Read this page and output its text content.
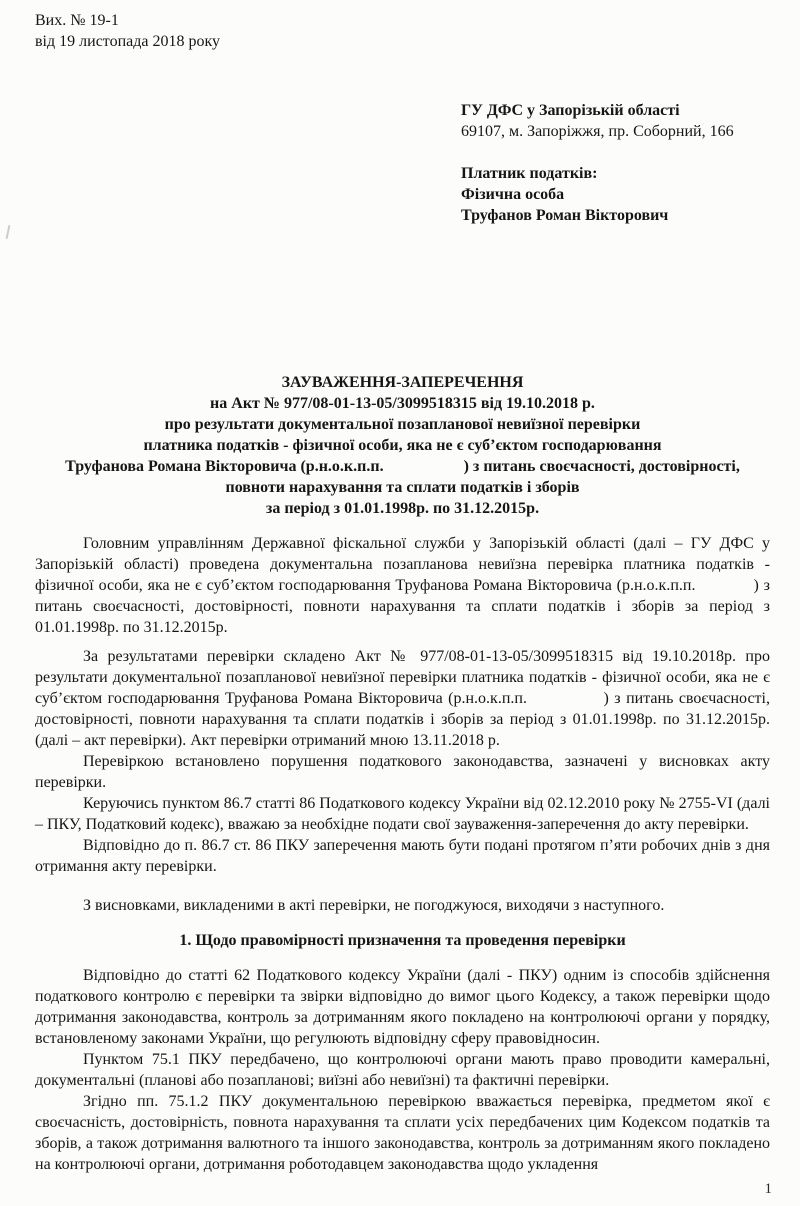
Вих. № 19-1
від 19 листопада 2018 року
ГУ ДФС у Запорізькій області
69107, м. Запоріжжя, пр. Соборний, 166
Платник податків:
Фізична особа
Труфанов Роман Вікторович
ЗАУВАЖЕННЯ-ЗАПЕРЕЧЕННЯ
на Акт № 977/08-01-13-05/3099518315 від 19.10.2018 р.
про результати документальної позапланової невиїзної перевірки
платника податків - фізичної особи, яка не є суб’єктом господарювання
Труфанова Романа Вікторовича (р.н.о.к.п.п.                    ) з питань своєчасності, достовірності,
повноти нарахування та сплати податків і зборів
за період з 01.01.1998р. по 31.12.2015р.

Головним управлінням Державної фіскальної служби у Запорізькій області (далі – ГУ ДФС у Запорізькій області) проведена документальна позапланова невиїзна перевірка платника податків - фізичної особи, яка не є суб’єктом господарювання Труфанова Романа Вікторовича (р.н.о.к.п.п.            ) з питань своєчасності, достовірності, повноти нарахування та сплати податків і зборів за період з 01.01.1998р. по 31.12.2015р.

За результатами перевірки складено Акт № 977/08-01-13-05/3099518315 від 19.10.2018р. про результати документальної позапланової невиїзної перевірки платника податків - фізичної особи, яка не є суб’єктом господарювання Труфанова Романа Вікторовича (р.н.о.к.п.п.              ) з питань своєчасності, достовірності, повноти нарахування та сплати податків і зборів за період з 01.01.1998р. по 31.12.2015р.  (далі – акт перевірки). Акт перевірки отриманий мною 13.11.2018 р.

Перевіркою встановлено порушення податкового законодавства, зазначені у висновках акту перевірки.

Керуючись пунктом 86.7 статті 86 Податкового кодексу України від 02.12.2010 року № 2755-VI (далі – ПКУ, Податковий кодекс), вважаю за необхідне подати свої зауваження-заперечення до акту перевірки.

Відповідно до п. 86.7 ст. 86 ПКУ заперечення мають бути подані протягом п’яти робочих днів з дня отримання акту перевірки.

З висновками, викладеними в акті перевірки, не погоджуюся, виходячи з наступного.

1. Щодо правомірності призначення та проведення перевірки

Відповідно до статті 62 Податкового кодексу України (далі - ПКУ) одним із способів здійснення податкового контролю є перевірки та звірки відповідно до вимог цього Кодексу, а також перевірки щодо дотримання законодавства, контроль за дотриманням якого покладено на контролюючі органи у порядку, встановленому законами України, що регулюють відповідну сферу правовідносин.

Пунктом 75.1 ПКУ передбачено, що контролюючі органи мають право проводити камеральні, документальні (планові або позапланові; виїзні або невиїзні) та фактичні перевірки.

Згідно пп. 75.1.2 ПКУ документальною перевіркою вважається перевірка, предметом якої є своєчасність, достовірність, повнота нарахування та сплати усіх передбачених цим Кодексом податків та зборів, а також дотримання валютного та іншого законодавства, контроль за дотриманням якого покладено на контролюючі органи, дотримання роботодавцем законодавства щодо укладення

1
